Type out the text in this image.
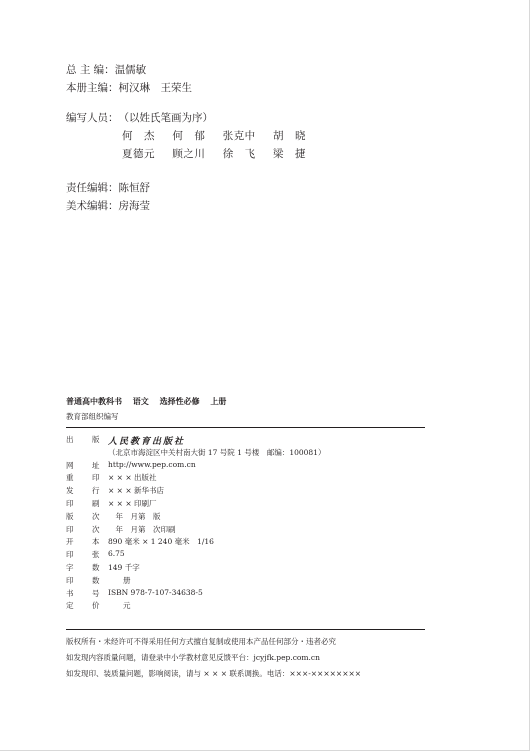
总 主 编：温儒敏
本册主编：柯汉琳　王荣生
编写人员：（以姓氏笔画为序）
何　杰 何　郁 张克中 胡　晓
夏德元 顾之川 徐　飞 梁　捷
责任编辑：陈恒舒
美术编辑：房海莹
普通高中教科书 语文 选择性必修 上册
教育部组织编写
出	版 人民教育出版社
（北京市海淀区中关村南大街 17 号院 1 号楼　邮编：100081）
网	址	http://www.pep.com.cn
重	印	× × × 出版社
发	行	× × × 新华书店
印	刷	× × × 印刷厂
版	次	　年　月第　版
印	次	　年　月第　次印刷
开	本	890 毫米 × 1 240 毫米　1/16
印	张	6.75
字	数	149 千字
印	数	　　册
书	号	ISBN 978-7-107-34638-5
定	价	　　元
版权所有・未经许可不得采用任何方式擅自复制或使用本产品任何部分・违者必究
如发现内容质量问题，请登录中小学教材意见反馈平台：jcyjfk.pep.com.cn
如发现印、装质量问题，影响阅读，请与 × × × 联系调换。电话：×××-××××××××
